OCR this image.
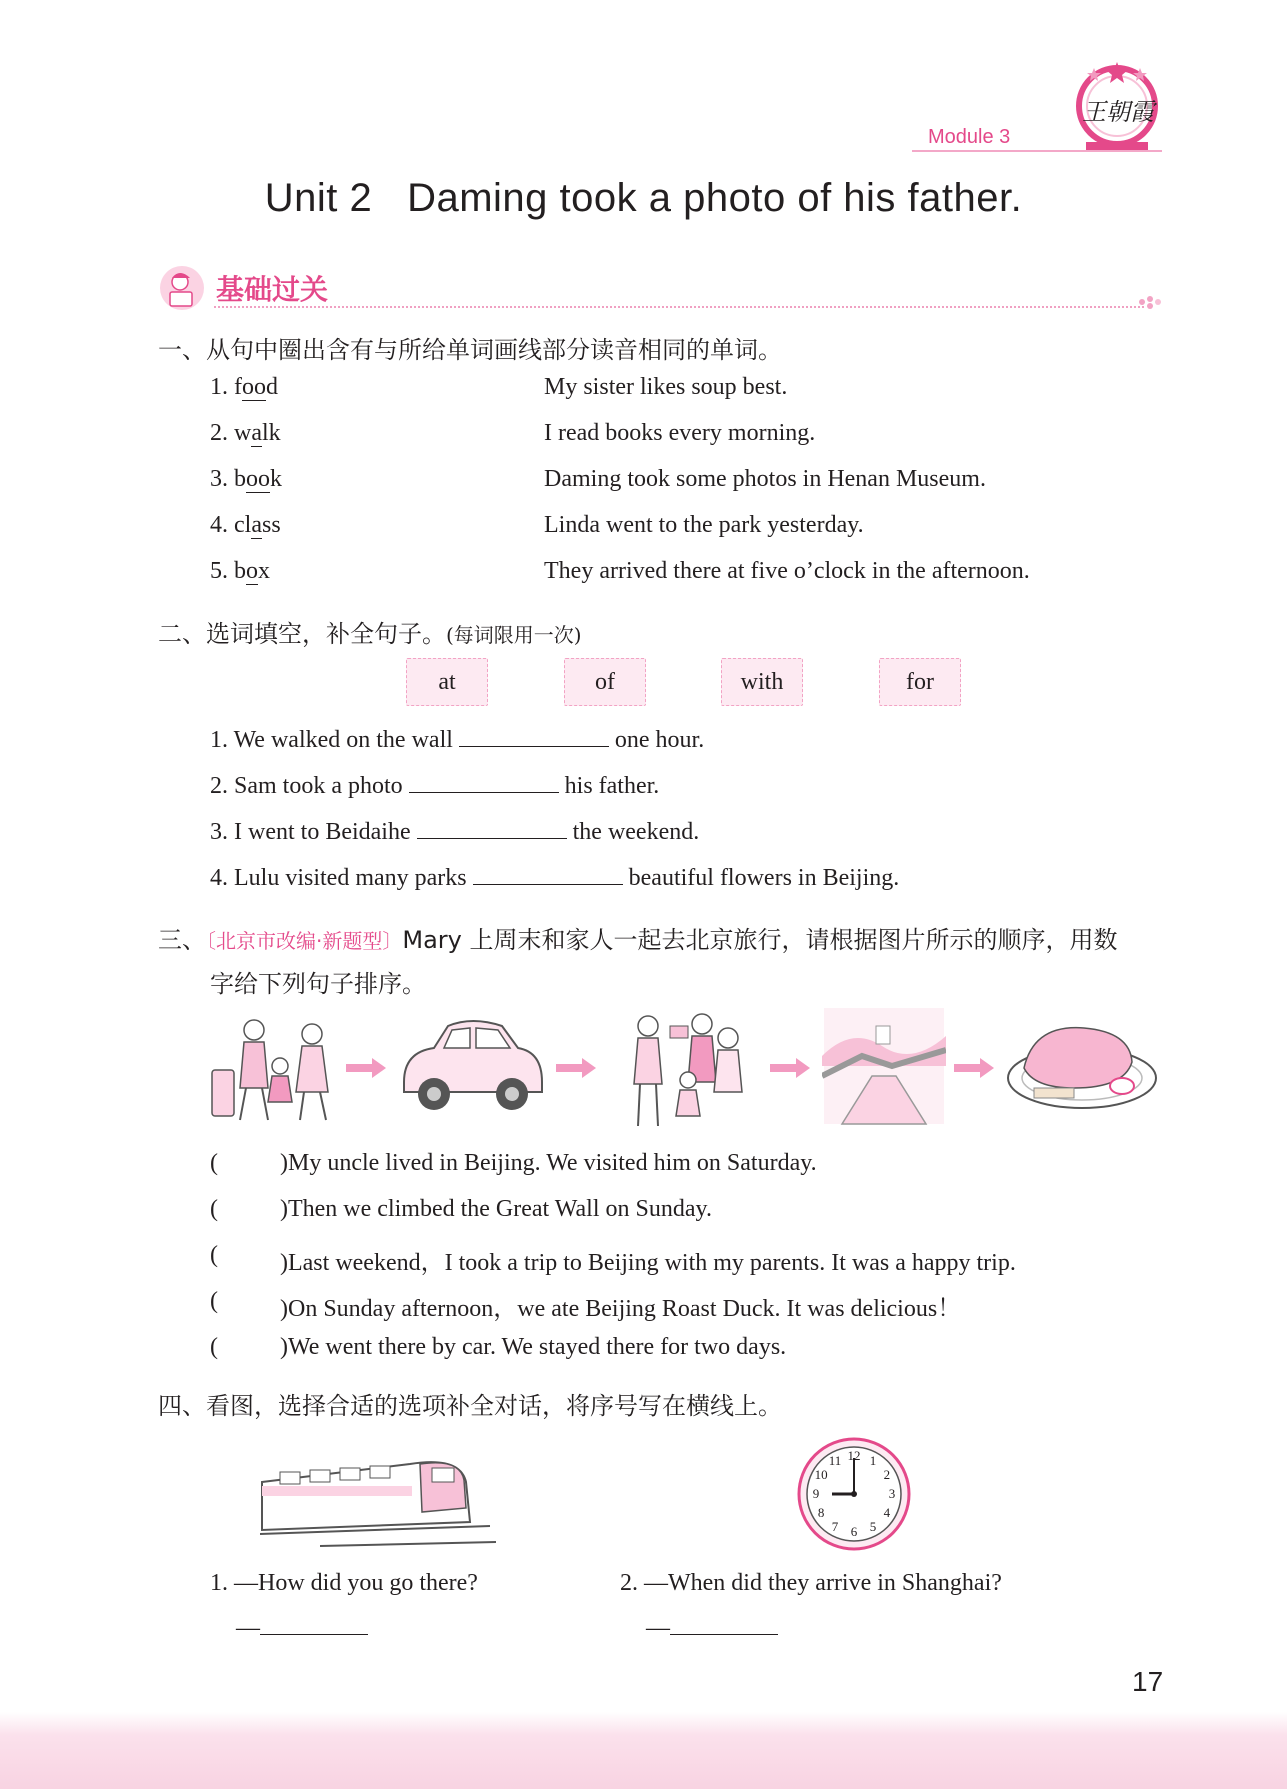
王朝霞
Module 3
Unit 2   Daming took a photo of his father.
基础过关
一、从句中圈出含有与所给单词画线部分读音相同的单词。
1. food	My sister likes soup best.
2. walk	I read books every morning.
3. book	Daming took some photos in Henan Museum.
4. class	Linda went to the park yesterday.
5. box	They arrived there at five o’clock in the afternoon.
二、选词填空，补全句子。(每词限用一次)
at	of	with	for
1. We walked on the wall	one hour.
2. Sam took a photo	his father.
3. I went to Beidaihe	the weekend.
4. Lulu visited many parks	beautiful flowers in Beijing.
三、〔北京市改编·新题型〕Mary 上周末和家人一起去北京旅行，请根据图片所示的顺序，用数
字给下列句子排序。
(	)My uncle lived in Beijing. We visited him on Saturday.
(	)Then we climbed the Great Wall on Sunday.
(	)Last weekend，I took a trip to Beijing with my parents. It was a happy trip.
(	)On Sunday afternoon，we ate Beijing Roast Duck. It was delicious！
(	)We went there by car. We stayed there for two days.
四、看图，选择合适的选项补全对话，将序号写在横线上。
12 1
2
3
4
5
6
7
8
9
10
11
1. —How did you go there?
—
2. —When did they arrive in Shanghai?
—
17
